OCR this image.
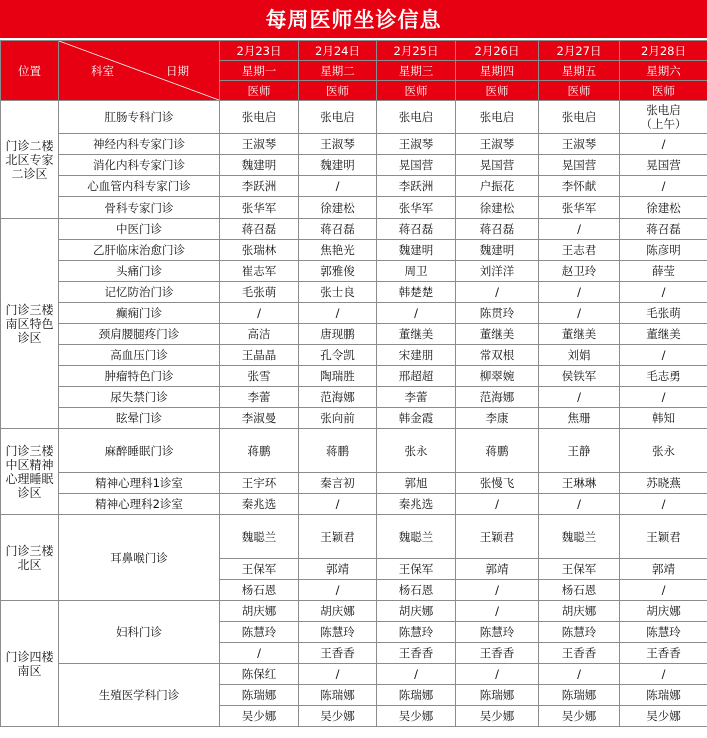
每周医师坐诊信息
位置	科室 日期	2月23日	2月24日	2月25日	2月26日	2月27日	2月28日
		星期一	星期二	星期三	星期四	星期五	星期六
		医师	医师	医师	医师	医师	医师
门诊二楼
北区专家
二诊区	肛肠专科门诊	张电启	张电启	张电启	张电启	张电启	张电启
（上午）
	神经内科专家门诊	王淑琴	王淑琴	王淑琴	王淑琴	王淑琴	/
	消化内科专家门诊	魏建明	魏建明	晃国营	晃国营	晃国营	晃国营
	心血管内科专家门诊	李跃洲	/	李跃洲	户振花	李怀献	/
	骨科专家门诊	张华军	徐建松	张华军	徐建松	张华军	徐建松
门诊三楼
南区特色
诊区	中医门诊	蒋召磊	蒋召磊	蒋召磊	蒋召磊	/	蒋召磊
	乙肝临床治愈门诊	张瑞林	焦艳光	魏建明	魏建明	王志君	陈彦明
	头痛门诊	崔志军	郭雅俊	周卫	刘洋洋	赵卫玲	薛莹
	记忆防治门诊	毛张萌	张士良	韩楚楚	/	/	/
	癫痫门诊	/	/	/	陈贯玲	/	毛张萌
	颈肩腰腿疼门诊	高洁	唐现鹏	董继美	董继美	董继美	董继美
	高血压门诊	王晶晶	孔令凯	宋建朋	常双根	刘娟	/
	肿瘤特色门诊	张雪	陶瑞胜	邢超超	柳翠婉	侯铁军	毛志勇
	尿失禁门诊	李蕾	范海娜	李蕾	范海娜	/	/
	眩晕门诊	李淑曼	张向前	韩金霞	李康	焦珊	韩知
门诊三楼
中区精神
心理睡眠
诊区	麻醉睡眠门诊	蒋鹏	蒋鹏	张永	蒋鹏	王静	张永
	精神心理科1诊室	王宇环	秦言初	郭旭	张慢飞	王琳琳	苏晓燕
	精神心理科2诊室	秦兆选	/	秦兆选	/	/	/
门诊三楼
北区	耳鼻喉门诊	魏聪兰	王颖君	魏聪兰	王颖君	魏聪兰	王颖君
		王保军	郭靖	王保军	郭靖	王保军	郭靖
		杨石恩	/	杨石恩	/	杨石恩	/
门诊四楼
南区	妇科门诊	胡庆娜	胡庆娜	胡庆娜	/	胡庆娜	胡庆娜
		陈慧玲	陈慧玲	陈慧玲	陈慧玲	陈慧玲	陈慧玲
		/	王香香	王香香	王香香	王香香	王香香
	生殖医学科门诊	陈保红	/	/	/	/	/
		陈瑞娜	陈瑞娜	陈瑞娜	陈瑞娜	陈瑞娜	陈瑞娜
		吴少娜	吴少娜	吴少娜	吴少娜	吴少娜	吴少娜
